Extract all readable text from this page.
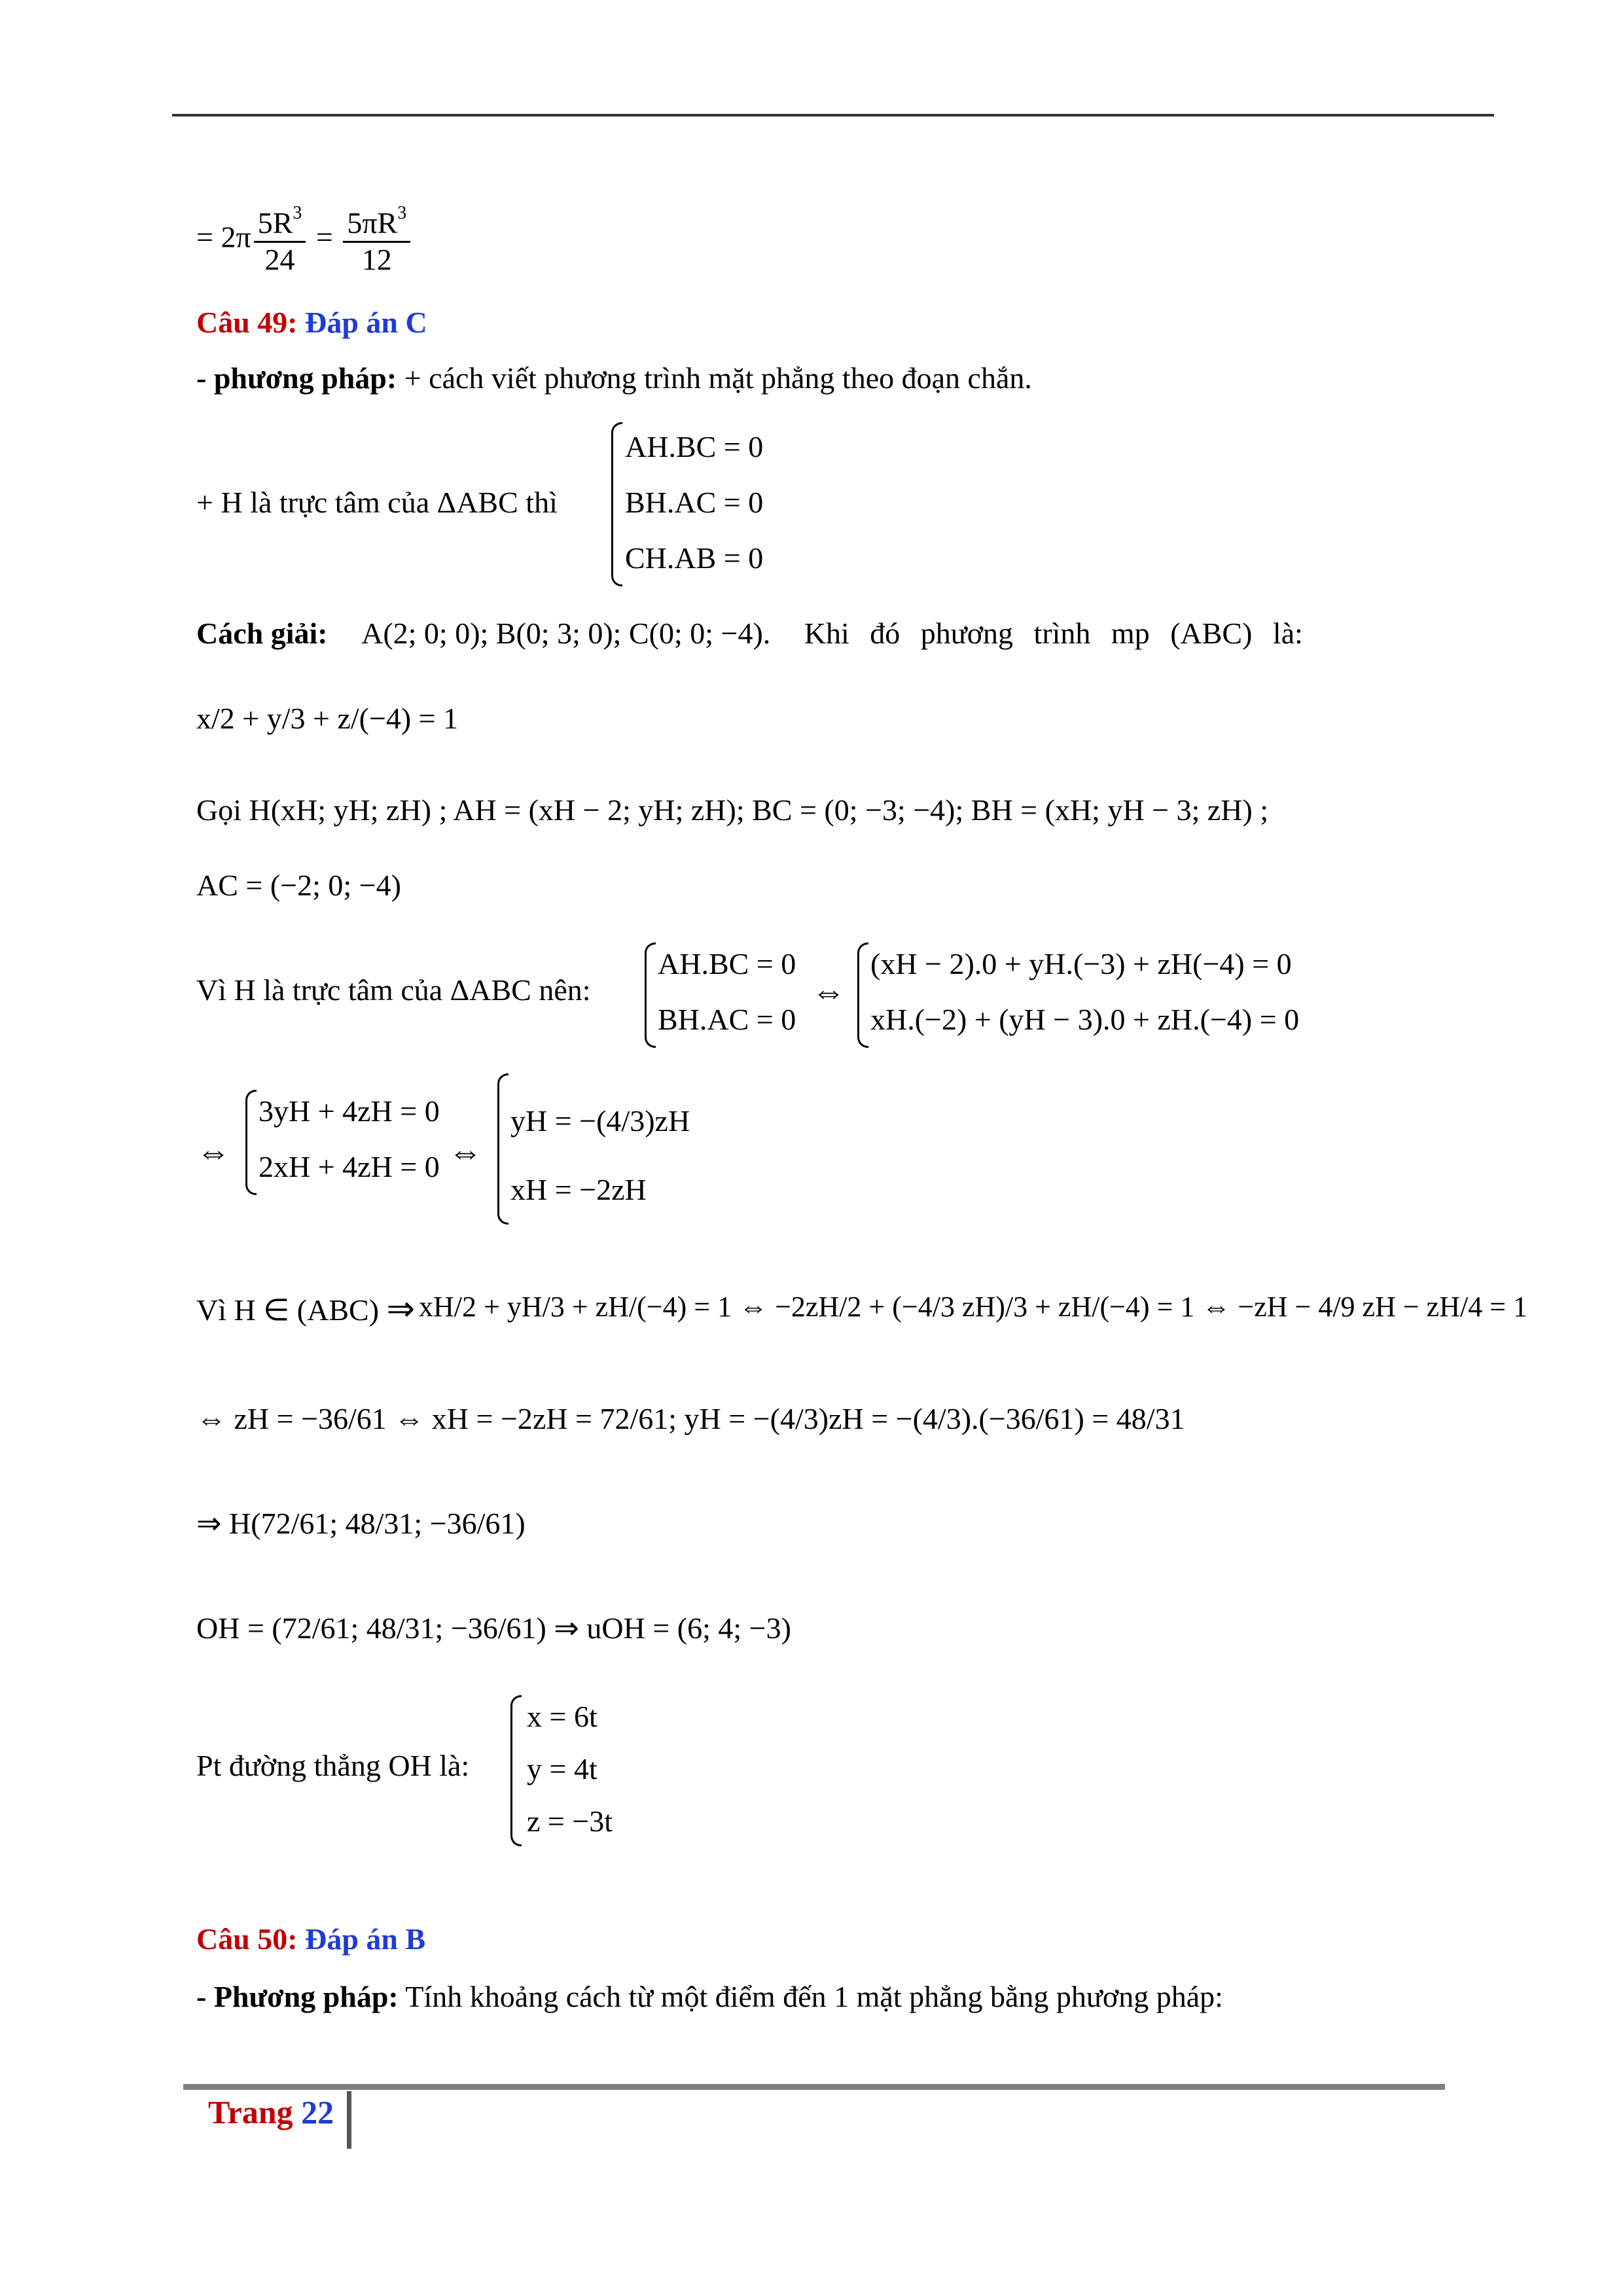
= $2\pi \frac{5R^3}{24} = \frac{5\pi R^3}{12}$
Câu 49: Đáp án C
- phương pháp: + cách viết phương trình mặt phẳng theo đoạn chắn.
+ H là trực tâm của ΔABC thì
AH.BC = 0
BH.AC = 0
CH.AB = 0
Cách giải: A(2; 0; 0); B(0; 3; 0); C(0; 0; −4). Khi đó phương trình mp (ABC) là:
x/2 + y/3 + z/(−4) = 1
Gọi H(xH; yH; zH) ; AH = (xH − 2; yH; zH); BC = (0; −3; −4); BH = (xH; yH − 3; zH) ;
AC = (−2; 0; −4)
Vì H là trực tâm của ΔABC nên:
AH.BC = 0
BH.AC = 0
⇔
(xH − 2).0 + yH.(−3) + zH(−4) = 0
xH.(−2) + (yH − 3).0 + zH.(−4) = 0
⇔
3yH + 4zH = 0
2xH + 4zH = 0 ⇔
yH = −(4/3)zH
xH = −2zH
Vì H ∈ (ABC) ⇒ xH/2 + yH/3 + zH/(−4) = 1 ⇔ −2zH/2 + (−4/3 zH)/3 + zH/(−4) = 1 ⇔ −zH − 4/9 zH − zH/4 = 1
⇔ zH = −36/61 ⇔ xH = −2zH = 72/61; yH = −(4/3)zH = −(4/3).(−36/61) = 48/31
⇒ H(72/61; 48/31; −36/61)
OH = (72/61; 48/31; −36/61) ⇒ uOH = (6; 4; −3)
Pt đường thẳng OH là:
x = 6t
y = 4t
z = −3t
Câu 50: Đáp án B
- Phương pháp: Tính khoảng cách từ một điểm đến 1 mặt phẳng bằng phương pháp:
Trang 22
